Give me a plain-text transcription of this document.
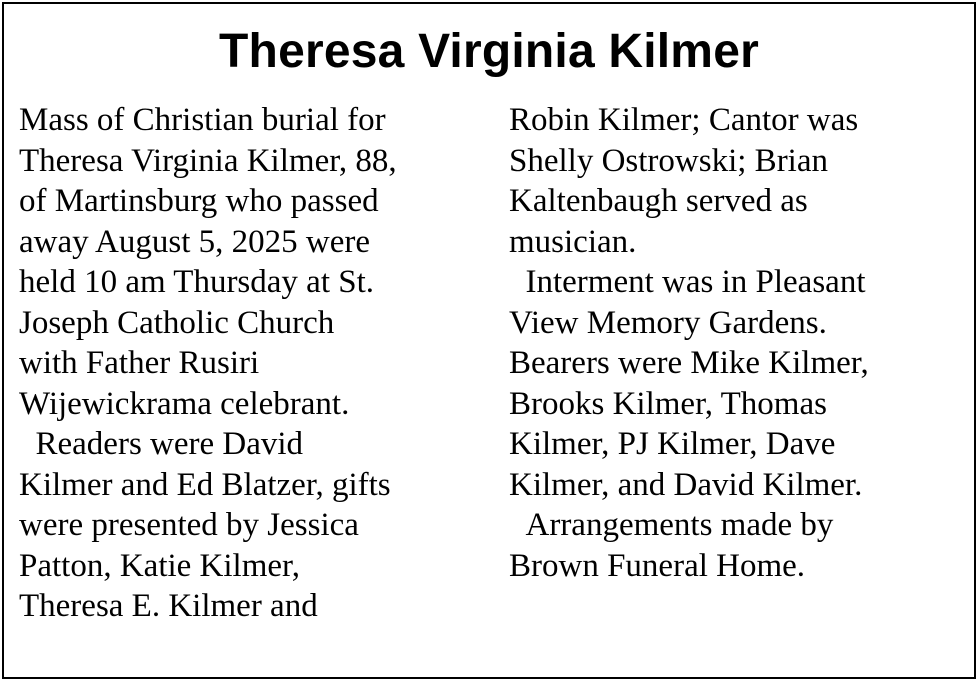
Theresa Virginia Kilmer
Mass of Christian burial for
Theresa Virginia Kilmer, 88,
of Martinsburg who passed
away August 5, 2025 were
held 10 am Thursday at St.
Joseph Catholic Church
with Father Rusiri
Wijewickrama celebrant.
Readers were David
Kilmer and Ed Blatzer, gifts
were presented by Jessica
Patton, Katie Kilmer,
Theresa E. Kilmer and
Robin Kilmer; Cantor was
Shelly Ostrowski; Brian
Kaltenbaugh served as
musician.
Interment was in Pleasant
View Memory Gardens.
Bearers were Mike Kilmer,
Brooks Kilmer, Thomas
Kilmer, PJ Kilmer, Dave
Kilmer, and David Kilmer.
Arrangements made by
Brown Funeral Home.
